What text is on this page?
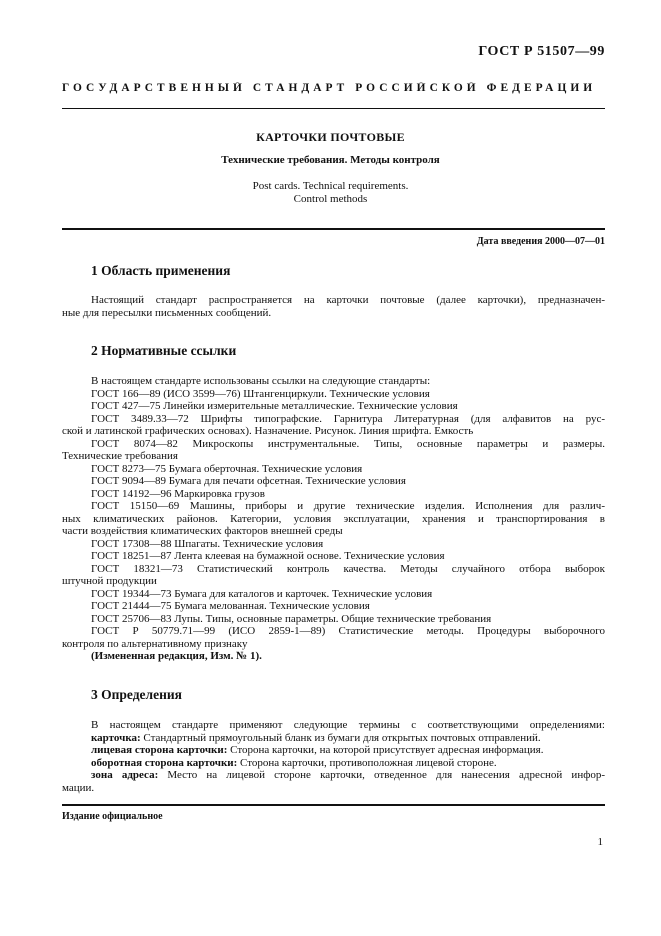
ГОСТ Р 51507—99
ГОСУДАРСТВЕННЫЙ СТАНДАРТ РОССИЙСКОЙ ФЕДЕРАЦИИ
КАРТОЧКИ ПОЧТОВЫЕ
Технические требования. Методы контроля
Post cards. Technical requirements.
Control methods
Дата введения 2000—07—01
1 Область применения
Настоящий стандарт распространяется на карточки почтовые (далее карточки), предназначен-
ные для пересылки письменных сообщений.
2 Нормативные ссылки
В настоящем стандарте использованы ссылки на следующие стандарты:
ГОСТ 166—89 (ИСО 3599—76) Штангенциркули. Технические условия
ГОСТ 427—75 Линейки измерительные металлические. Технические условия
ГОСТ 3489.33—72 Шрифты типографские. Гарнитура Литературная (для алфавитов на рус-
ской и латинской графических основах). Назначение. Рисунок. Линия шрифта. Емкость
ГОСТ 8074—82 Микроскопы инструментальные. Типы, основные параметры и размеры.
Технические требования
ГОСТ 8273—75 Бумага оберточная. Технические условия
ГОСТ 9094—89 Бумага для печати офсетная. Технические условия
ГОСТ 14192—96 Маркировка грузов
ГОСТ 15150—69 Машины, приборы и другие технические изделия. Исполнения для различ-
ных климатических районов. Категории, условия эксплуатации, хранения и транспортирования в
части воздействия климатических факторов внешней среды
ГОСТ 17308—88 Шпагаты. Технические условия
ГОСТ 18251—87 Лента клеевая на бумажной основе. Технические условия
ГОСТ 18321—73 Статистический контроль качества. Методы случайного отбора выборок
штучной продукции
ГОСТ 19344—73 Бумага для каталогов и карточек. Технические условия
ГОСТ 21444—75 Бумага мелованная. Технические условия
ГОСТ 25706—83 Лупы. Типы, основные параметры. Общие технические требования
ГОСТ Р 50779.71—99 (ИСО 2859-1—89) Статистические методы. Процедуры выборочного
контроля по альтернативному признаку
(Измененная редакция, Изм. № 1).
3 Определения
В настоящем стандарте применяют следующие термины с соответствующими определениями:
карточка: Стандартный прямоугольный бланк из бумаги для открытых почтовых отправлений.
лицевая сторона карточки: Сторона карточки, на которой присутствует адресная информация.
оборотная сторона карточки: Сторона карточки, противоположная лицевой стороне.
зона адреса: Место на лицевой стороне карточки, отведенное для нанесения адресной инфор-
мации.
Издание официальное
1
